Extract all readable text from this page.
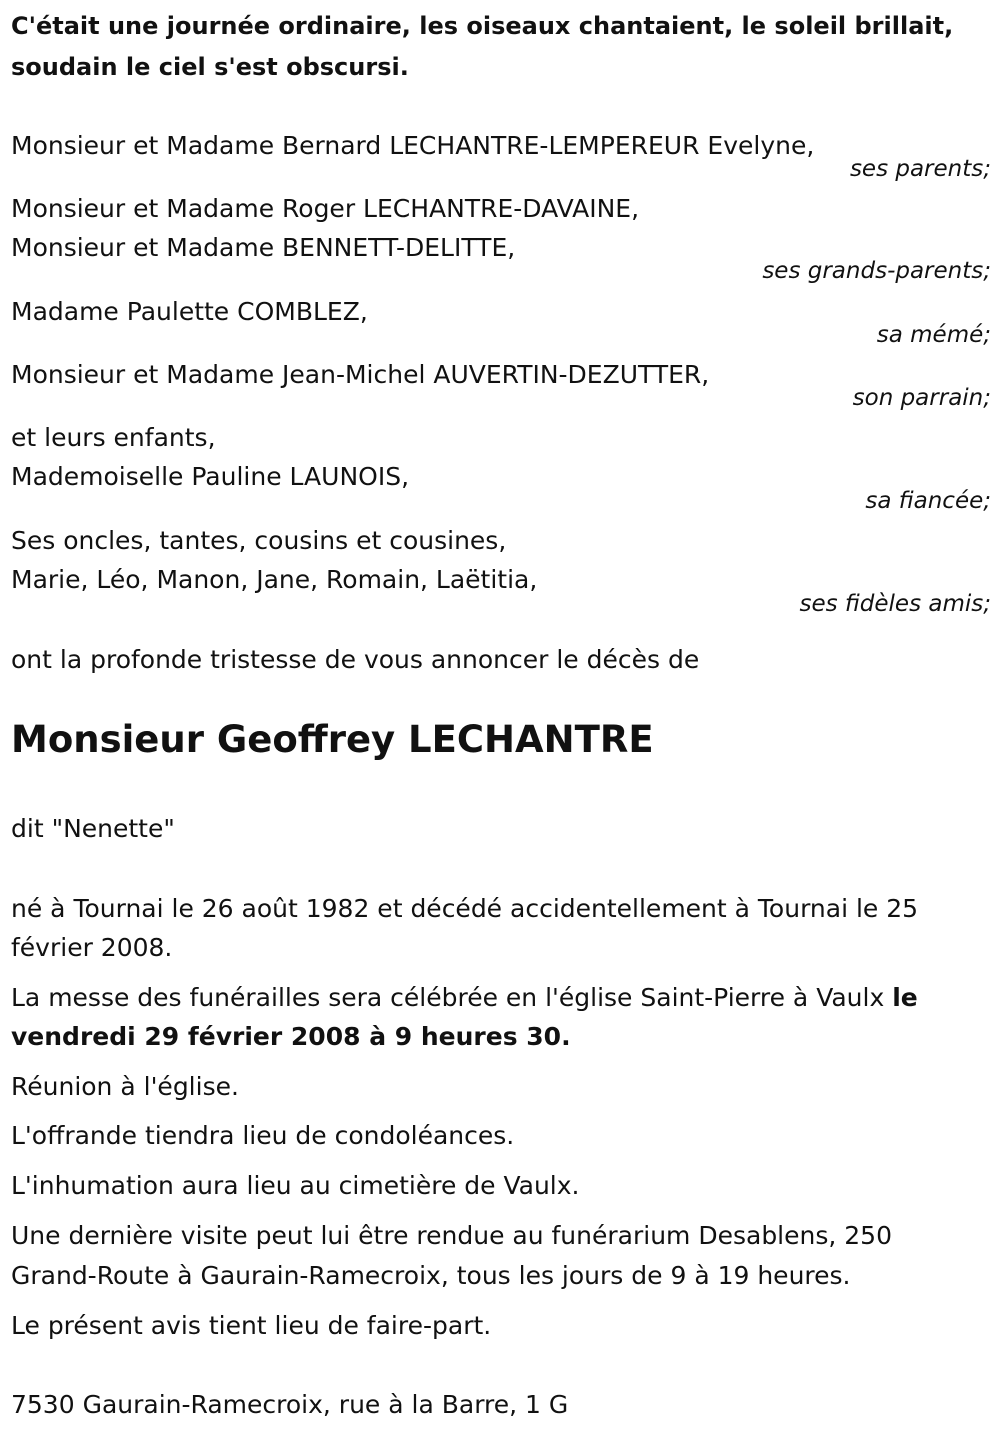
C'était une journée ordinaire, les oiseaux chantaient, le soleil brillait,
soudain le ciel s'est obscursi.
Monsieur et Madame Bernard LECHANTRE-LEMPEREUR Evelyne,
ses parents;
Monsieur et Madame Roger LECHANTRE-DAVAINE,
Monsieur et Madame BENNETT-DELITTE,
ses grands-parents;
Madame Paulette COMBLEZ,
sa mémé;
Monsieur et Madame Jean-Michel AUVERTIN-DEZUTTER,
son parrain;
et leurs enfants,
Mademoiselle Pauline LAUNOIS,
sa fiancée;
Ses oncles, tantes, cousins et cousines,
Marie, Léo, Manon, Jane, Romain, Laëtitia,
ses fidèles amis;
ont la profonde tristesse de vous annoncer le décès de
Monsieur Geoffrey LECHANTRE
dit "Nenette"
né à Tournai le 26 août 1982 et décédé accidentellement à Tournai le 25
février 2008.
La messe des funérailles sera célébrée en l'église Saint-Pierre à Vaulx le
vendredi 29 février 2008 à 9 heures 30.
Réunion à l'église.
L'offrande tiendra lieu de condoléances.
L'inhumation aura lieu au cimetière de Vaulx.
Une dernière visite peut lui être rendue au funérarium Desablens, 250
Grand-Route à Gaurain-Ramecroix, tous les jours de 9 à 19 heures.
Le présent avis tient lieu de faire-part.
7530 Gaurain-Ramecroix, rue à la Barre, 1 G
